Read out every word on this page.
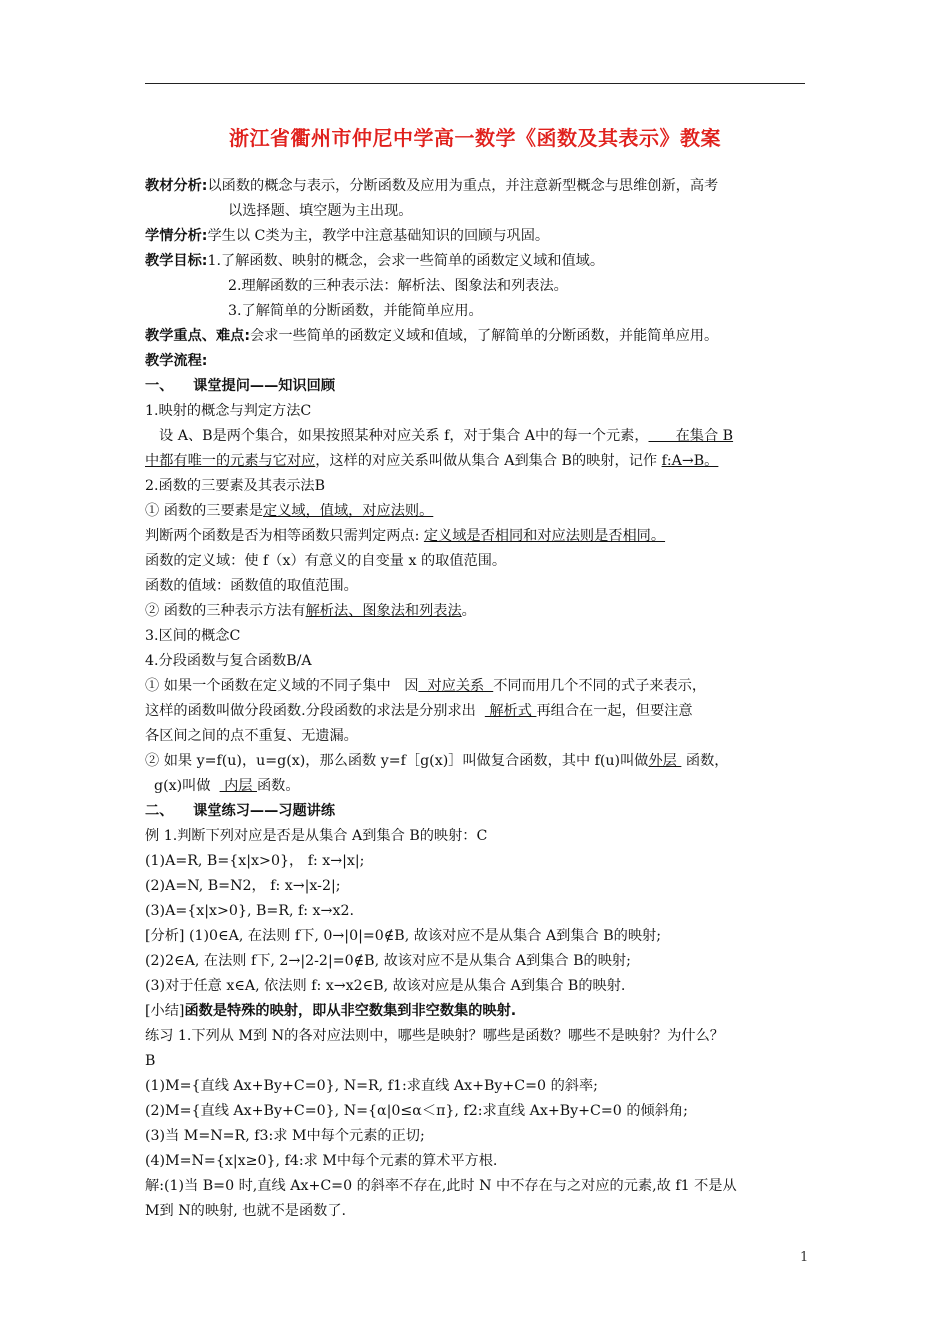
浙江省衢州市仲尼中学高一数学《函数及其表示》教案

教材分析:以函数的概念与表示，分断函数及应用为重点，并注意新型概念与思维创新，高考

以选择题、填空题为主出现。

学情分析:学生以 C类为主，教学中注意基础知识的回顾与巩固。

教学目标:1.了解函数、映射的概念，会求一些简单的函数定义域和值域。

2.理解函数的三种表示法：解析法、图象法和列表法。

3.了解简单的分断函数，并能简单应用。

教学重点、难点:会求一些简单的函数定义域和值域，了解简单的分断函数，并能简单应用。

教学流程:

一、    课堂提问——知识回顾

1.映射的概念与判定方法C

设 A、B是两个集合，如果按照某种对应关系 f，对于集合 A中的每一个元素，      在集合 B

中都有唯一的元素与它对应，这样的对应关系叫做从集合 A到集合 B的映射，记作 f:A→B。

2.函数的三要素及其表示法B

① 函数的三要素是定义域，值域，对应法则。

判断两个函数是否为相等函数只需判定两点: 定义域是否相同和对应法则是否相同。

函数的定义域：使 f（x）有意义的自变量 x 的取值范围。

函数的值域：函数值的取值范围。

② 函数的三种表示方法有解析法、图象法和列表法。

3.区间的概念C

4.分段函数与复合函数B/A

① 如果一个函数在定义域的不同子集中   因  对应关系  不同而用几个不同的式子来表示，

这样的函数叫做分段函数.分段函数的求法是分别求出   解析式 再组合在一起，但要注意

各区间之间的点不重复、无遗漏。

② 如果 y=f(u)，u=g(x)，那么函数 y=f［g(x)］叫做复合函数，其中 f(u)叫做外层  函数，

g(x)叫做   内层 函数。

二、    课堂练习——习题讲练

例 1.判断下列对应是否是从集合 A到集合 B的映射：C

(1)A=R, B={x|x>0}， f: x→|x|;

(2)A=N, B=N2， f: x→|x-2|;

(3)A={x|x>0}, B=R, f: x→x2.

[分析] (1)0∈A, 在法则 f下, 0→|0|=0∉B, 故该对应不是从集合 A到集合 B的映射;

(2)2∈A, 在法则 f下, 2→|2-2|=0∉B, 故该对应不是从集合 A到集合 B的映射;

(3)对于任意 x∈A, 依法则 f: x→x2∈B, 故该对应是从集合 A到集合 B的映射.

[小结]函数是特殊的映射，即从非空数集到非空数集的映射.

练习 1.下列从 M到 N的各对应法则中，哪些是映射？哪些是函数？哪些不是映射？为什么？

B

(1)M={直线 Ax+By+C=0}, N=R, f1:求直线 Ax+By+C=0 的斜率;

(2)M={直线 Ax+By+C=0}, N={α|0≤α＜π}, f2:求直线 Ax+By+C=0 的倾斜角;

(3)当 M=N=R, f3:求 M中每个元素的正切;

(4)M=N={x|x≥0}, f4:求 M中每个元素的算术平方根.

解:(1)当 B=0 时,直线 Ax+C=0 的斜率不存在,此时 N 中不存在与之对应的元素,故 f1 不是从

M到 N的映射, 也就不是函数了.

1
